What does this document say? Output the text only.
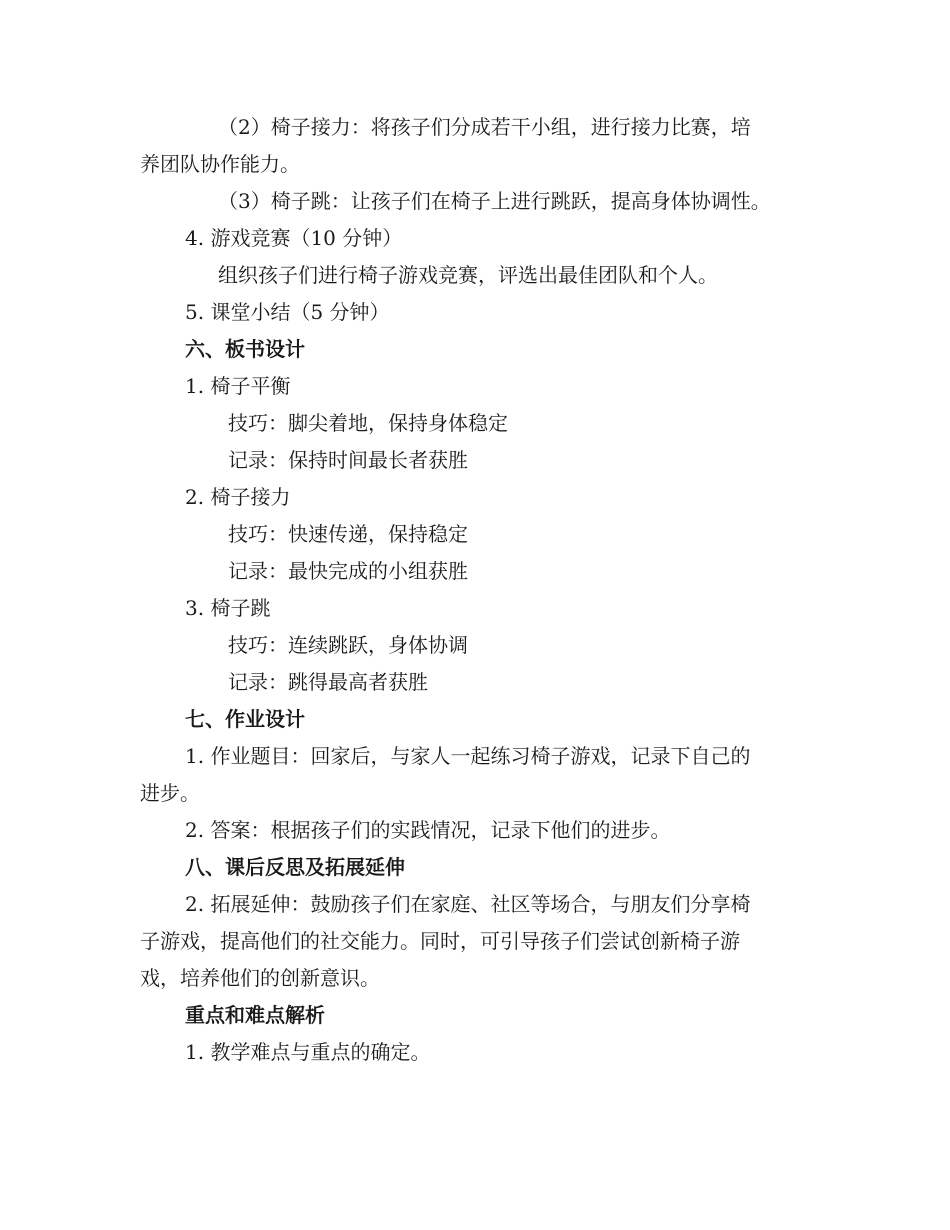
（2）椅子接力：将孩子们分成若干小组，进行接力比赛，培
养团队协作能力。
（3）椅子跳：让孩子们在椅子上进行跳跃，提高身体协调性。
4. 游戏竞赛（10 分钟）
组织孩子们进行椅子游戏竞赛，评选出最佳团队和个人。
5. 课堂小结（5 分钟）
六、板书设计
1. 椅子平衡
技巧：脚尖着地，保持身体稳定
记录：保持时间最长者获胜
2. 椅子接力
技巧：快速传递，保持稳定
记录：最快完成的小组获胜
3. 椅子跳
技巧：连续跳跃，身体协调
记录：跳得最高者获胜
七、作业设计
1. 作业题目：回家后，与家人一起练习椅子游戏，记录下自己的
进步。
2. 答案：根据孩子们的实践情况，记录下他们的进步。
八、课后反思及拓展延伸
2. 拓展延伸：鼓励孩子们在家庭、社区等场合，与朋友们分享椅
子游戏，提高他们的社交能力。同时，可引导孩子们尝试创新椅子游
戏，培养他们的创新意识。
重点和难点解析
1. 教学难点与重点的确定。
